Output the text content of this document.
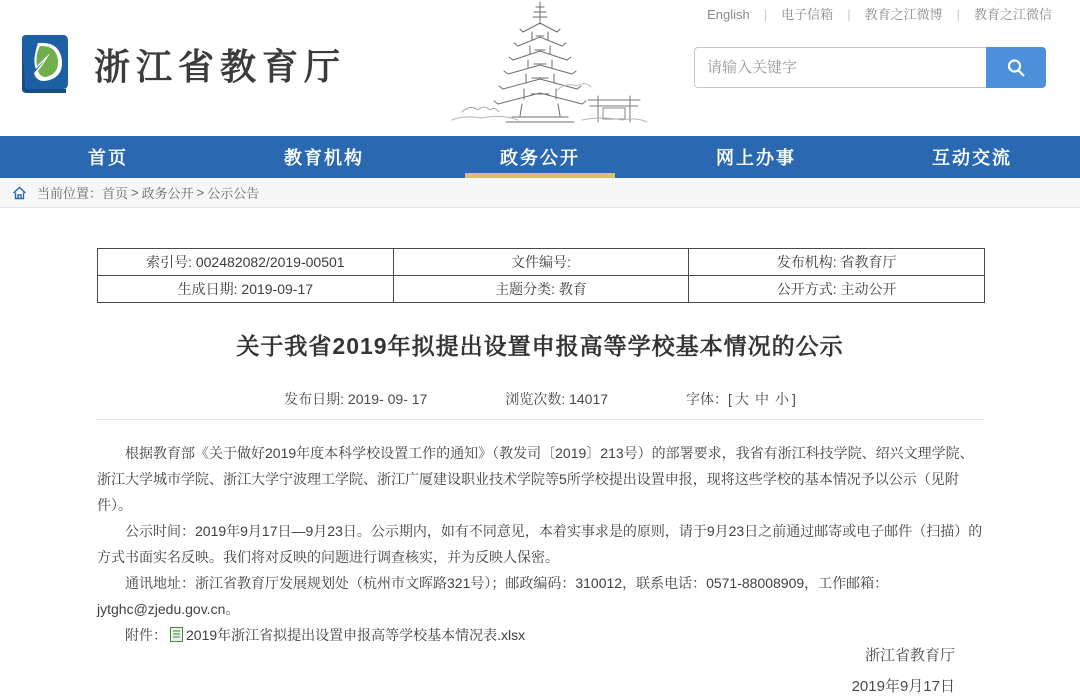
English | 电子信箱 | 教育之江微博 | 教育之江微信
浙江省教育厅
请输入关键字
首页	教育机构	政务公开	网上办事	互动交流
当前位置： 首页 > 政务公开 > 公示公告
索引号: 002482082/2019-00501	文件编号:	发布机构: 省教育厅
生成日期: 2019-09-17	主题分类: 教育	公开方式: 主动公开
关于我省2019年拟提出设置申报高等学校基本情况的公示
发布日期: 2019- 09- 17	浏览次数: 14017	字体：[ 大 中 小 ]

根据教育部《关于做好2019年度本科学校设置工作的通知》（教发司〔2019〕213号）的部署要求，我省有浙江科技学院、绍兴文理学院、浙江大学城市学院、浙江大学宁波理工学院、浙江广厦建设职业技术学院等5所学校提出设置申报，现将这些学校的基本情况予以公示（见附件）。

公示时间：2019年9月17日—9月23日。公示期内，如有不同意见，本着实事求是的原则，请于9月23日之前通过邮寄或电子邮件（扫描）的方式书面实名反映。我们将对反映的问题进行调查核实，并为反映人保密。

通讯地址：浙江省教育厅发展规划处（杭州市文晖路321号）；邮政编码：310012，联系电话：0571-88008909，工作邮箱：jytghc@zjedu.gov.cn。

附件： 2019年浙江省拟提出设置申报高等学校基本情况表.xlsx
浙江省教育厅
2019年9月17日
